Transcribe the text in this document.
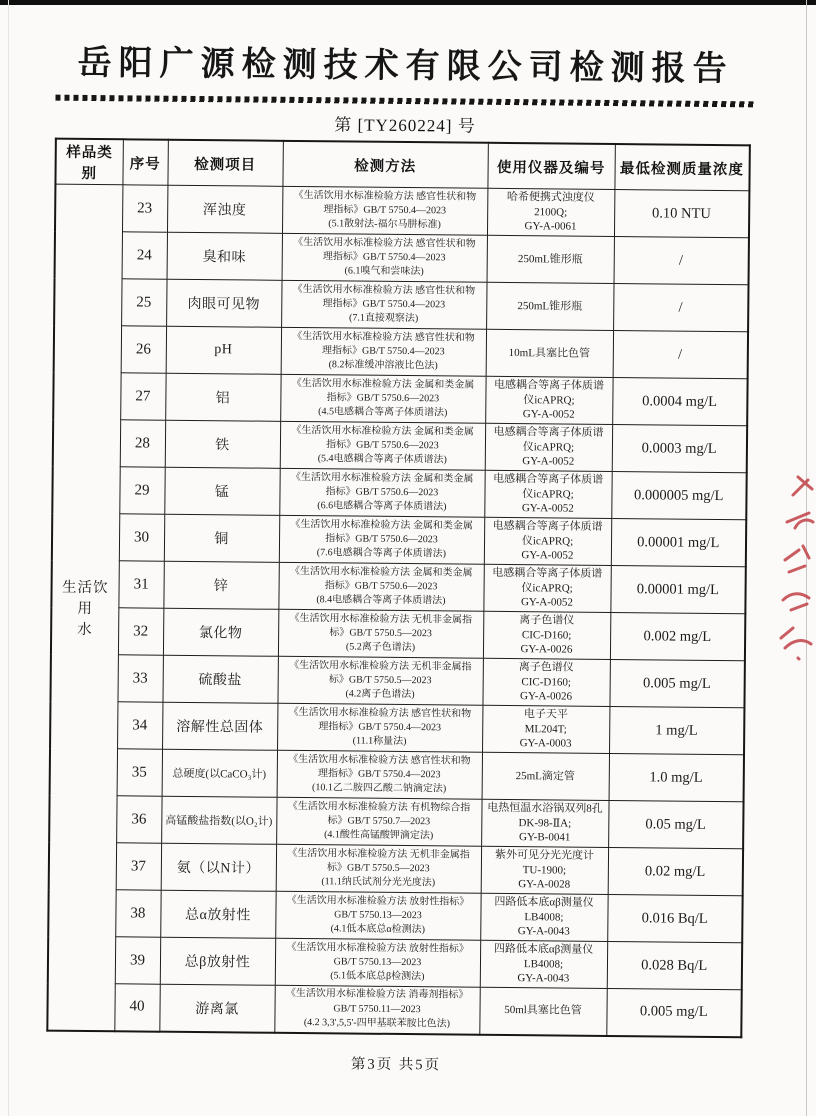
岳阳广源检测技术有限公司检测报告
第 [TY260224] 号
样品类别	序号	检测项目	检测方法	使用仪器及编号	最低检测质量浓度
生活饮用
水	23	浑浊度	《生活饮用水标准检验方法 感官性状和物
理指标》GB/T 5750.4—2023
(5.1散射法-福尔马肼标准)	哈希便携式浊度仪
2100Q;
GY-A-0061	0.10 NTU
	24	臭和味	《生活饮用水标准检验方法 感官性状和物
理指标》GB/T 5750.4—2023
(6.1嗅气和尝味法)	250mL锥形瓶	/
	25	肉眼可见物	《生活饮用水标准检验方法 感官性状和物
理指标》GB/T 5750.4—2023
(7.1直接观察法)	250mL锥形瓶	/
	26	pH	《生活饮用水标准检验方法 感官性状和物
理指标》GB/T 5750.4—2023
(8.2标准缓冲溶液比色法)	10mL具塞比色管	/
	27	铝	《生活饮用水标准检验方法 金属和类金属
指标》GB/T 5750.6—2023
(4.5电感耦合等离子体质谱法)	电感耦合等离子体质谱
仪icAPRQ;
GY-A-0052	0.0004 mg/L
	28	铁	《生活饮用水标准检验方法 金属和类金属
指标》GB/T 5750.6—2023
(5.4电感耦合等离子体质谱法)	电感耦合等离子体质谱
仪icAPRQ;
GY-A-0052	0.0003 mg/L
	29	锰	《生活饮用水标准检验方法 金属和类金属
指标》GB/T 5750.6—2023
(6.6电感耦合等离子体质谱法)	电感耦合等离子体质谱
仪icAPRQ;
GY-A-0052	0.000005 mg/L
	30	铜	《生活饮用水标准检验方法 金属和类金属
指标》GB/T 5750.6—2023
(7.6电感耦合等离子体质谱法)	电感耦合等离子体质谱
仪icAPRQ;
GY-A-0052	0.00001 mg/L
	31	锌	《生活饮用水标准检验方法 金属和类金属
指标》GB/T 5750.6—2023
(8.4电感耦合等离子体质谱法)	电感耦合等离子体质谱
仪icAPRQ;
GY-A-0052	0.00001 mg/L
	32	氯化物	《生活饮用水标准检验方法 无机非金属指
标》GB/T 5750.5—2023
(5.2离子色谱法)	离子色谱仪
CIC-D160;
GY-A-0026	0.002 mg/L
	33	硫酸盐	《生活饮用水标准检验方法 无机非金属指
标》GB/T 5750.5—2023
(4.2离子色谱法)	离子色谱仪
CIC-D160;
GY-A-0026	0.005 mg/L
	34	溶解性总固体	《生活饮用水标准检验方法 感官性状和物
理指标》GB/T 5750.4—2023
(11.1称量法)	电子天平
ML204T;
GY-A-0003	1 mg/L
	35	总硬度(以CaCO₃计)	《生活饮用水标准检验方法 感官性状和物
理指标》GB/T 5750.4—2023
(10.1乙二胺四乙酸二钠滴定法)	25mL滴定管	1.0 mg/L
	36	高锰酸盐指数(以O₂计)	《生活饮用水标准检验方法 有机物综合指
标》GB/T 5750.7—2023
(4.1酸性高锰酸钾滴定法)	电热恒温水浴锅双列8孔
DK-98-ⅡA;
GY-B-0041	0.05 mg/L
	37	氨（以N计）	《生活饮用水标准检验方法 无机非金属指
标》GB/T 5750.5—2023
(11.1纳氏试剂分光光度法)	紫外可见分光光度计
TU-1900;
GY-A-0028	0.02 mg/L
	38	总α放射性	《生活饮用水标准检验方法 放射性指标》
GB/T 5750.13—2023
(4.1低本底总α检测法)	四路低本底αβ测量仪
LB4008;
GY-A-0043	0.016 Bq/L
	39	总β放射性	《生活饮用水标准检验方法 放射性指标》
GB/T 5750.13—2023
(5.1低本底总β检测法)	四路低本底αβ测量仪
LB4008;
GY-A-0043	0.028 Bq/L
	40	游离氯	《生活饮用水标准检验方法 消毒剂指标》
GB/T 5750.11—2023
(4.2 3,3',5,5'-四甲基联苯胺比色法)	50ml具塞比色管	0.005 mg/L
第3页 共5页
